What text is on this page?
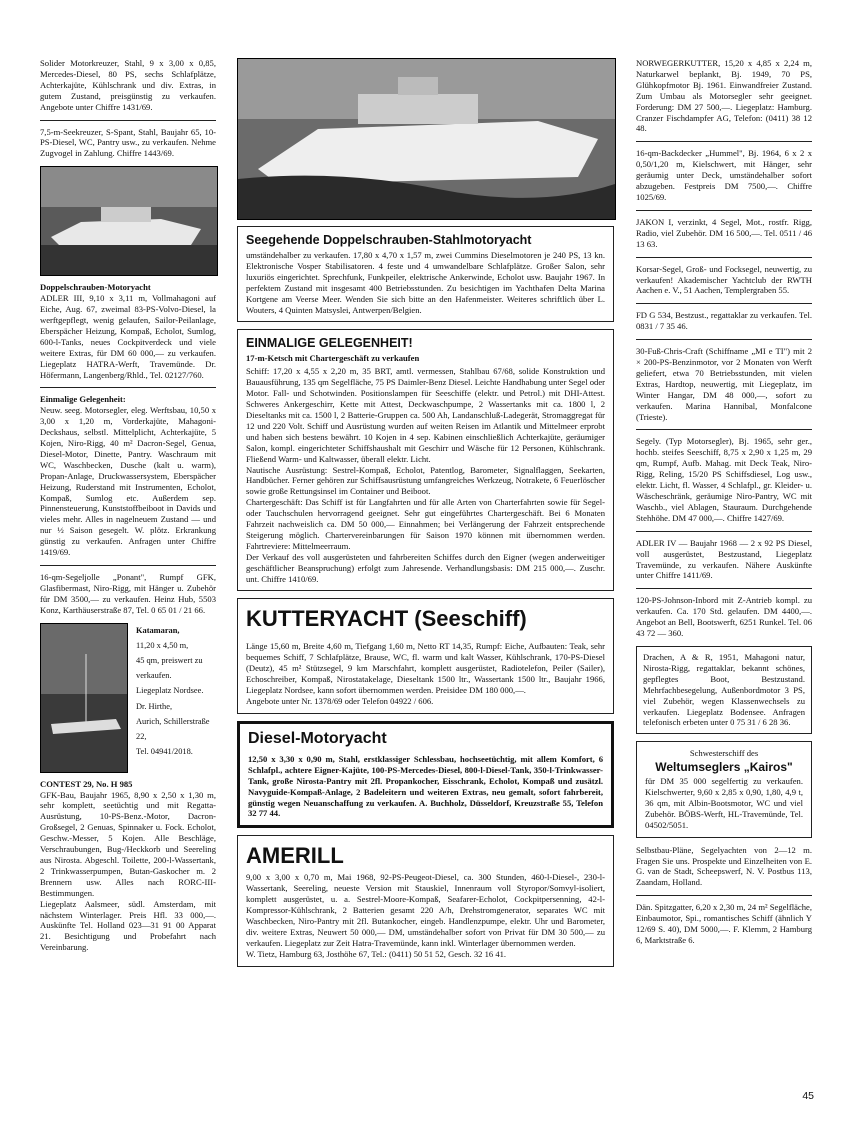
Solider Motorkreuzer, Stahl, 9 x 3,00 x 0,85, Mercedes-Diesel, 80 PS, sechs Schlafplätze, Achterkajüte, Kühlschrank und div. Extras, in gutem Zustand, preisgünstig zu verkaufen. Angebote unter Chiffre 1431/69.

7,5-m-Seekreuzer, S-Spant, Stahl, Baujahr 65, 10-PS-Diesel, WC, Pantry usw., zu verkaufen. Nehme Zugvogel in Zahlung. Chiffre 1443/69.

Doppelschrauben-Motoryacht
ADLER III, 9,10 x 3,11 m, Vollmahagoni auf Eiche, Aug. 67, zweimal 83-PS-Volvo-Diesel, la werftgepflegt, wenig gelaufen, Sailor-Peilanlage, Eberspächer Heizung, Kompaß, Echolot, Sumlog, 600-l-Tanks, neues Cockpitverdeck und viele weitere Extras, für DM 60 000,— zu verkaufen. Liegeplatz HATRA-Werft, Travemünde. Dr. Höfermann, Langenberg/Rhld., Tel. 02127/760.

Einmalige Gelegenheit:
Neuw. seeg. Motorsegler, eleg. Werftsbau, 10,50 x 3,00 x 1,20 m, Vorderkajüte, Mahagoni-Deckshaus, selbstl. Mittelplicht, Achterkajüte, 5 Kojen, Niro-Rigg, 40 m² Dacron-Segel, Genua, Diesel-Motor, Dinette, Pantry. Waschraum mit WC, Waschbecken, Dusche (kalt u. warm), Propan-Anlage, Druckwassersystem, Eberspächer Heizung, Ruderstand mit Instrumenten, Echolot, Kompaß, Sumlog etc. Außerdem sep. Pinnensteuerung, Kunststoffbeiboot in Davids und vieles mehr. Alles in nagelneuem Zustand — und nur ½ Saison gesegelt. W. plötz. Erkrankung günstig zu verkaufen. Anfragen unter Chiffre 1419/69.

16-qm-Segeljolle „Ponant", Rumpf GFK, Glasfibermast, Niro-Rigg, mit Hänger u. Zubehör für DM 3500,— zu verkaufen. Heinz Hub, 5503 Konz, Karthäuserstraße 87, Tel. 0 65 01 / 21 66.

Katamaran,
11,20 x 4,50 m,
45 qm, preiswert zu verkaufen.
Liegeplatz Nordsee.
Dr. Hirthe,
Aurich, Schillerstraße 22,
Tel. 04941/2018.

CONTEST 29, No. H 985
GFK-Bau, Baujahr 1965, 8,90 x 2,50 x 1,30 m, sehr komplett, seetüchtig und mit Regatta-Ausrüstung, 10-PS-Benz.-Motor, Dacron-Großsegel, 2 Genuas, Spinnaker u. Fock. Echolot, Geschw.-Messer, 5 Kojen. Alle Beschläge, Verschraubungen, Bug-/Heckkorb und Seereling aus Nirosta. Abgeschl. Toilette, 200-l-Wassertank, 2 Trinkwasserpumpen, Butan-Gaskocher m. 2 Brennern usw. Alles nach RORC-III-Bestimmungen.
Liegeplatz Aalsmeer, südl. Amsterdam, mit nächstem Winterlager. Preis Hfl. 33 000,—. Auskünfte Tel. Holland 023—31 91 00 Apparat 21. Besichtigung und Probefahrt nach Vereinbarung.

Seegehende Doppelschrauben-Stahlmotoryacht
umständehalber zu verkaufen. 17,80 x 4,70 x 1,57 m, zwei Cummins Dieselmotoren je 240 PS, 13 kn. Elektronische Vosper Stabilisatoren. 4 feste und 4 umwandelbare Schlafplätze. Großer Salon, sehr luxuriös eingerichtet. Sprechfunk, Funkpeiler, elektrische Ankerwinde, Echolot usw. Baujahr 1967. In perfektem Zustand mit insgesamt 400 Betriebsstunden. Zu besichtigen im Yachthafen Delta Marina Kortgene am Veerse Meer. Wenden Sie sich bitte an den Hafenmeister. Weiteres schriftlich über L. Wouters, 4 Quinten Matsyslei, Antwerpen/Belgien.
EINMALIGE GELEGENHEIT!
17-m-Ketsch mit Chartergeschäft zu verkaufen
Schiff: 17,20 x 4,55 x 2,20 m, 35 BRT, amtl. vermessen, Stahlbau 67/68, solide Konstruktion und Bauausführung, 135 qm Segelfläche, 75 PS Daimler-Benz Diesel. Leichte Handhabung unter Segel oder Motor. Fall- und Schotwinden. Positionslampen für Seeschiffe (elektr. und Petrol.) mit DHI-Attest. Schweres Ankergeschirr, Kette mit Attest, Deckwaschpumpe, 2 Wassertanks mit ca. 1800 l, 2 Dieseltanks mit ca. 1500 l, 2 Batterie-Gruppen ca. 500 Ah, Landanschluß-Ladegerät, Stromaggregat für 12 und 220 Volt. Schiff und Ausrüstung wurden auf weiten Reisen im Atlantik und Mittelmeer erprobt und haben sich bestens bewährt. 10 Kojen in 4 sep. Kabinen einschließlich Achterkajüte, geräumiger Salon, kompl. eingerichteter Schiffshaushalt mit Geschirr und Wäsche für 12 Personen, Kühlschrank. Fließend Warm- und Kaltwasser, überall elektr. Licht.
Nautische Ausrüstung: Sestrel-Kompaß, Echolot, Patentlog, Barometer, Signalflaggen, Seekarten, Handbücher. Ferner gehören zur Schiffsausrüstung umfangreiches Werkzeug, Notrakete, 6 Feuerlöscher sowie große Rettungsinsel im Container und Beiboot.
Chartergeschäft: Das Schiff ist für Langfahrten und für alle Arten von Charterfahrten sowie für Segel- oder Tauchschulen hervorragend geeignet. Sehr gut eingeführtes Chartergeschäft. Bei 6 Monaten Fahrzeit nachweislich ca. DM 50 000,— Einnahmen; bei Verlängerung der Fahrzeit entsprechende Steigerung möglich. Chartervereinbarungen für Saison 1970 können mit übernommen werden. Fahrtreviere: Mittelmeerraum.
Der Verkauf des voll ausgerüsteten und fahrbereiten Schiffes durch den Eigner (wegen anderweitiger geschäftlicher Beanspruchung) erfolgt zum Jahresende. Verhandlungsbasis: DM 215 000,—. Zuschr. unt. Chiffre 1410/69.
KUTTERYACHT (Seeschiff)
Länge 15,60 m, Breite 4,60 m, Tiefgang 1,60 m, Netto RT 14,35, Rumpf: Eiche, Aufbauten: Teak, sehr bequemes Schiff, 7 Schlafplätze, Brause, WC, fl. warm und kalt Wasser, Kühlschrank, 170-PS-Diesel (Deutz), 45 m² Stützsegel, 9 km Marschfahrt, komplett ausgerüstet, Radiotelefon, Peiler (Sailer), Echoschreiber, Kompaß, Nirostatakelage, Dieseltank 1500 ltr., Wassertank 1500 ltr., Baujahr 1966, Liegeplatz Nordsee, kann sofort übernommen werden. Preisidee DM 180 000,—.
Angebote unter Nr. 1378/69 oder Telefon 04922 / 606.
Diesel-Motoryacht
12,50 x 3,30 x 0,90 m, Stahl, erstklassiger Schlessbau, hochseetüchtig, mit allem Komfort, 6 Schlafpl., achtere Eigner-Kajüte, 100-PS-Mercedes-Diesel, 800-l-Diesel-Tank, 350-l-Trinkwasser-Tank, große Nirosta-Pantry mit 2fl. Propankocher, Eisschrank, Echolot, Kompaß und zusätzl. Navyguide-Kompaß-Anlage, 2 Badeleitern und weiteren Extras, neu gemalt, sofort fahrbereit, günstig wegen Neuanschaffung zu verkaufen. A. Buchholz, Düsseldorf, Kreuzstraße 55, Telefon 32 77 44.
AMERILL
9,00 x 3,00 x 0,70 m, Mai 1968, 92-PS-Peugeot-Diesel, ca. 300 Stunden, 460-l-Diesel-, 230-l-Wassertank, Seereling, neueste Version mit Stauskiel, Innenraum voll Styropor/Somvyl-isoliert, komplett ausgerüstet, u. a. Sestrel-Moore-Kompaß, Seafarer-Echolot, Cockpitpersenning, 42-l-Kompressor-Kühlschrank, 2 Batterien gesamt 220 A/h, Drehstromgenerator, separates WC mit Waschbecken, Niro-Pantry mit 2fl. Butankocher, eingeb. Handlenzpumpe, elektr. Uhr und Barometer, div. weitere Extras, Neuwert 50 000,— DM, umständehalber sofort von Privat für DM 30 500,— zu verkaufen. Liegeplatz zur Zeit Hatra-Travemünde, kann inkl. Winterlager übernommen werden.
W. Tietz, Hamburg 63, Josthöhe 67, Tel.: (0411) 50 51 52, Gesch. 32 16 41.

NORWEGERKUTTER, 15,20 x 4,85 x 2,24 m, Naturkarwel beplankt, Bj. 1949, 70 PS, Glühkopfmotor Bj. 1961. Einwandfreier Zustand. Zum Umbau als Motorsegler sehr geeignet. Forderung: DM 27 500,—. Liegeplatz: Hamburg. Cranzer Fischdampfer AG, Telefon: (0411) 38 12 48.

16-qm-Backdecker „Hummel", Bj. 1964, 6 x 2 x 0,50/1,20 m, Kielschwert, mit Hänger, sehr geräumig unter Deck, umständehalber sofort abzugeben. Festpreis DM 7500,—. Chiffre 1025/69.

JAKON I, verzinkt, 4 Segel, Mot., rostfr. Rigg, Radio, viel Zubehör. DM 16 500,—. Tel. 0511 / 46 13 63.

Korsar-Segel, Groß- und Focksegel, neuwertig, zu verkaufen! Akademischer Yachtclub der RWTH Aachen e. V., 51 Aachen, Templergraben 55.

FD G 534, Bestzust., regattaklar zu verkaufen. Tel. 0831 / 7 35 46.

30-Fuß-Chris-Craft (Schiffname „MI e TI") mit 2 × 200-PS-Benzinmotor, vor 2 Monaten von Werft geliefert, etwa 70 Betriebsstunden, mit vielen Extras, Hardtop, neuwertig, mit Liegeplatz, im Winter Hangar, DM 48 000,—, sofort zu verkaufen. Marina Hannibal, Monfalcone (Trieste).

Segely. (Typ Motorsegler), Bj. 1965, sehr ger., hochb. steifes Seeschiff, 8,75 x 2,90 x 1,25 m, 29 qm, Rumpf, Aufb. Mahag. mit Deck Teak, Niro-Rigg, Reling, 15/20 PS Schiffsdiesel, Log usw., elektr. Licht, fl. Wasser, 4 Schlafpl., gr. Kleider- u. Wäscheschränk, geräumige Niro-Pantry, WC mit Waschb., viel Ablagen, Stauraum. Durchgehende Stehhöhe. DM 47 000,—. Chiffre 1427/69.

ADLER IV — Baujahr 1968 — 2 x 92 PS Diesel, voll ausgerüstet, Bestzustand, Liegeplatz Travemünde, zu verkaufen. Nähere Auskünfte unter Chiffre 1411/69.

120-PS-Johnson-Inbord mit Z-Antrieb kompl. zu verkaufen. Ca. 170 Std. gelaufen. DM 4400,—. Angebot an Bell, Bootswerft, 6251 Runkel. Tel. 06 43 72 — 360.

Drachen, A & R, 1951, Mahagoni natur, Nirosta-Rigg, regattaklar, bekannt schönes, gepflegtes Boot, Bestzustand. Mehrfachbesegelung, Außenbordmotor 3 PS, viel Zubehör, wegen Klassenwechsels zu verkaufen. Liegeplatz Bodensee. Anfragen telefonisch erbeten unter 0 75 31 / 6 28 36.
Schwesterschiff des
Weltumseglers „Kairos"
für DM 35 000 segelfertig zu verkaufen. Kielschwerter, 9,60 x 2,85 x 0,90, 1,80, 4,9 t, 36 qm, mit Albin-Bootsmotor, WC und viel Zubehör. BÖBS-Werft, HL-Travemünde, Tel. 04502/5051.

Selbstbau-Pläne, Segelyachten von 2—12 m. Fragen Sie uns. Prospekte und Einzelheiten von E. G. van de Stadt, Scheepswerf, N. V. Postbus 113, Zaandam, Holland.

Dän. Spitzgatter, 6,20 x 2,30 m, 24 m² Segelfläche, Einbaumotor, Spi., romantisches Schiff (ähnlich Y 12/69 S. 40), DM 5000,—. F. Klemm, 2 Hamburg 6, Marktstraße 6.

45
